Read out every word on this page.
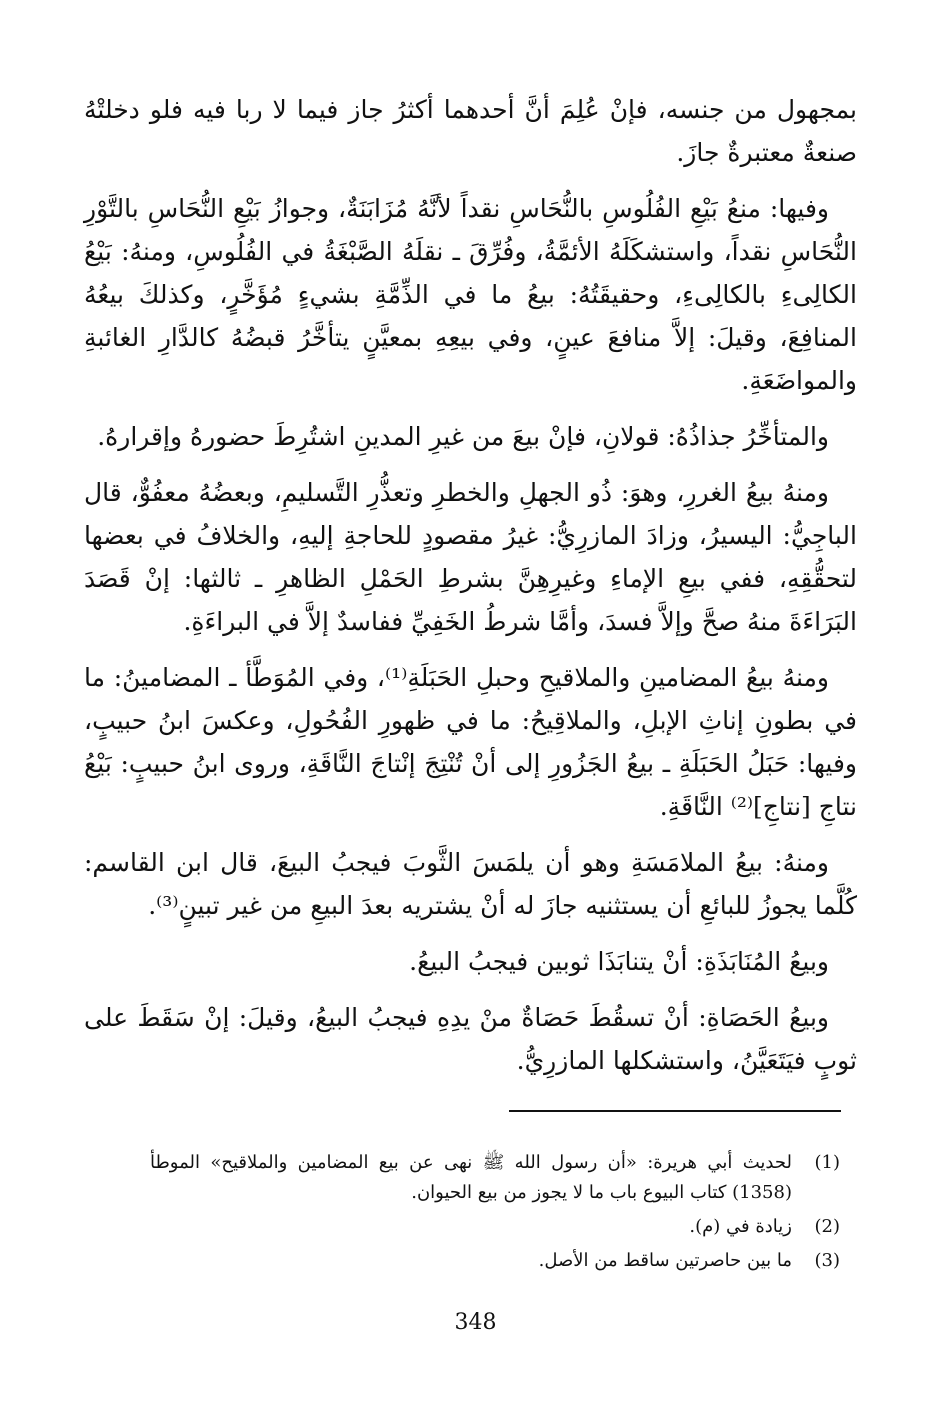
بمجهول من جنسه، فإنْ عُلِمَ أنَّ أحدهما أكثرُ جاز فيما لا ربا فيه فلو دخلتْهُ صنعةٌ معتبرةٌ جازَ.

وفيها: منعُ بَيْعِ الفُلُوسِ بالنُّحَاسِ نقداً لأنَّهُ مُزَابَنَةٌ، وجوازُ بَيْعِ النُّحَاسِ بالتَّوْرِ النُّحَاسِ نقداً، واستشكَلَهُ الأئمَّةُ، وفُرِّقَ ـ نقلَهُ الصَّبْغَةُ في الفُلُوسِ، ومنهُ: بَيْعُ الكالِىءِ بالكالِىءِ، وحقيقَتُهُ: بيعُ ما في الذِّمَّةِ بشيءٍ مُؤَخَّرٍ، وكذلكَ بيعُهُ المنافِعَ، وقيلَ: إلاَّ منافعَ عينٍ، وفي بيعِهِ بمعيَّنٍ يتأخَّرُ قبضُهُ كالدَّارِ الغائبةِ والمواضَعَةِ.

والمتأخِّرُ جذاذُهُ: قولانِ، فإنْ بيعَ من غيرِ المدينِ اشتُرِطَ حضورهُ وإقرارهُ.

ومنهُ بيعُ الغررِ، وهوَ: ذُو الجهلِ والخطرِ وتعذُّرِ التَّسليمِ، وبعضُهُ معفُوٌّ، قال الباجِيُّ: اليسيرُ، وزادَ المازرِيُّ: غيرُ مقصودٍ للحاجةِ إليهِ، والخلافُ في بعضها لتحقُّقِهِ، ففي بيعِ الإماءِ وغيرِهِنَّ بشرطِ الحَمْلِ الظاهرِ ـ ثالثها: إنْ قَصَدَ البَرَاءَةَ منهُ صحَّ وإلاَّ فسدَ، وأمَّا شرطُ الخَفِيِّ ففاسدٌ إلاَّ في البراءَةِ.

ومنهُ بيعُ المضامينِ والملاقيحِ وحبلِ الحَبَلَةِ⁽¹⁾، وفي المُوَطَّأ ـ المضامينُ: ما في بطونِ إناثِ الإبلِ، والملاقِيحُ: ما في ظهورِ الفُحُولِ، وعكسَ ابنُ حبيبٍ، وفيها: حَبَلُ الحَبَلَةِ ـ بيعُ الجَزُورِ إلى أنْ تُنْتِجَ إنْتاجَ النَّاقَةِ، وروى ابنُ حبيبٍ: بَيْعُ نتاجِ [نتاجِ]⁽²⁾ النَّاقَةِ.

ومنهُ: بيعُ الملامَسَةِ وهو أن يلمَسَ الثَّوبَ فيجبُ البيعَ، قال ابن القاسم: كُلَّما يجوزُ للبائعِ أن يستثنيه جازَ له أنْ يشتريه بعدَ البيعِ من غير تبينٍ⁽³⁾.

وبيعُ المُنَابَذَةِ: أنْ يتنابَذَا ثوبين فيجبُ البيعُ.

وبيعُ الحَصَاةِ: أنْ تسقُطَ حَصَاةٌ منْ يدِهِ فيجبُ البيعُ، وقيلَ: إنْ سَقَطَ على ثوبٍ فيَتَعَيَّنُ، واستشكلها المازرِيُّ.

(1)
لحديث أبي هريرة: «أن رسول الله ﷺ نهى عن بيع المضامين والملاقيح» الموطأ (1358) كتاب البيوع باب ما لا يجوز من بيع الحيوان.
(2)
زيادة في (م).
(3)
ما بين حاصرتين ساقط من الأصل.
348
